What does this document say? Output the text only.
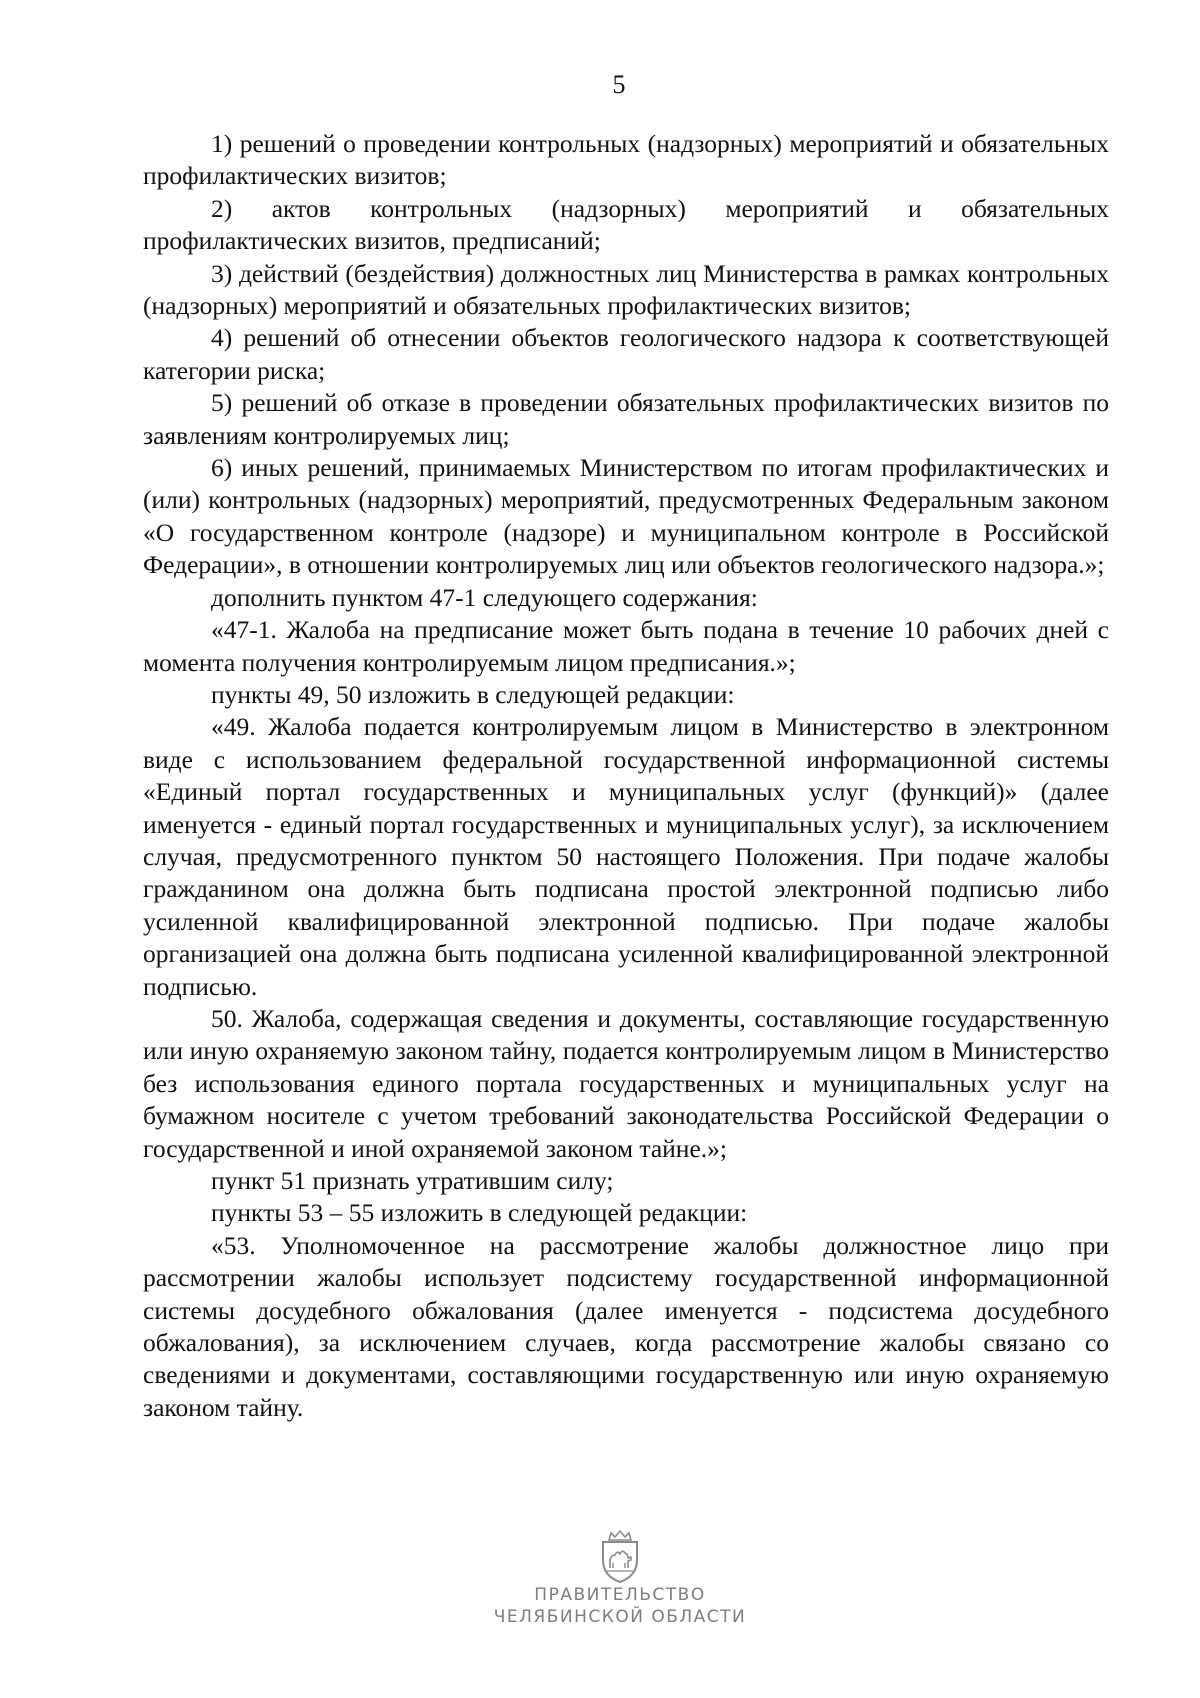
5

1) решений о проведении контрольных (надзорных) мероприятий и обязательных профилактических визитов;

2) актов контрольных (надзорных) мероприятий и обязательных профилактических визитов, предписаний;

3) действий (бездействия) должностных лиц Министерства в рамках контрольных (надзорных) мероприятий и обязательных профилактических визитов;

4) решений об отнесении объектов геологического надзора к соответствующей категории риска;

5) решений об отказе в проведении обязательных профилактических визитов по заявлениям контролируемых лиц;

6) иных решений, принимаемых Министерством по итогам профилактических и (или) контрольных (надзорных) мероприятий, предусмотренных Федеральным законом «О государственном контроле (надзоре) и муниципальном контроле в Российской Федерации», в отношении контролируемых лиц или объектов геологического надзора.»;

дополнить пунктом 47-1 следующего содержания:

«47-1. Жалоба на предписание может быть подана в течение 10 рабочих дней с момента получения контролируемым лицом предписания.»;

пункты 49, 50 изложить в следующей редакции:

«49. Жалоба подается контролируемым лицом в Министерство в электронном виде с использованием федеральной государственной информационной системы «Единый портал государственных и муниципальных услуг (функций)» (далее именуется - единый портал государственных и муниципальных услуг), за исключением случая, предусмотренного пунктом 50 настоящего Положения. При подаче жалобы гражданином она должна быть подписана простой электронной подписью либо усиленной квалифицированной электронной подписью. При подаче жалобы организацией она должна быть подписана усиленной квалифицированной электронной подписью.

50. Жалоба, содержащая сведения и документы, составляющие государственную или иную охраняемую законом тайну, подается контролируемым лицом в Министерство без использования единого портала государственных и муниципальных услуг на бумажном носителе с учетом требований законодательства Российской Федерации о государственной и иной охраняемой законом тайне.»;

пункт 51 признать утратившим силу;

пункты 53 – 55 изложить в следующей редакции:

«53. Уполномоченное на рассмотрение жалобы должностное лицо при рассмотрении жалобы использует подсистему государственной информационной системы досудебного обжалования (далее именуется - подсистема досудебного обжалования), за исключением случаев, когда рассмотрение жалобы связано со сведениями и документами, составляющими государственную или иную охраняемую законом тайну.

ПРАВИТЕЛЬСТВО
ЧЕЛЯБИНСКОЙ ОБЛАСТИ
